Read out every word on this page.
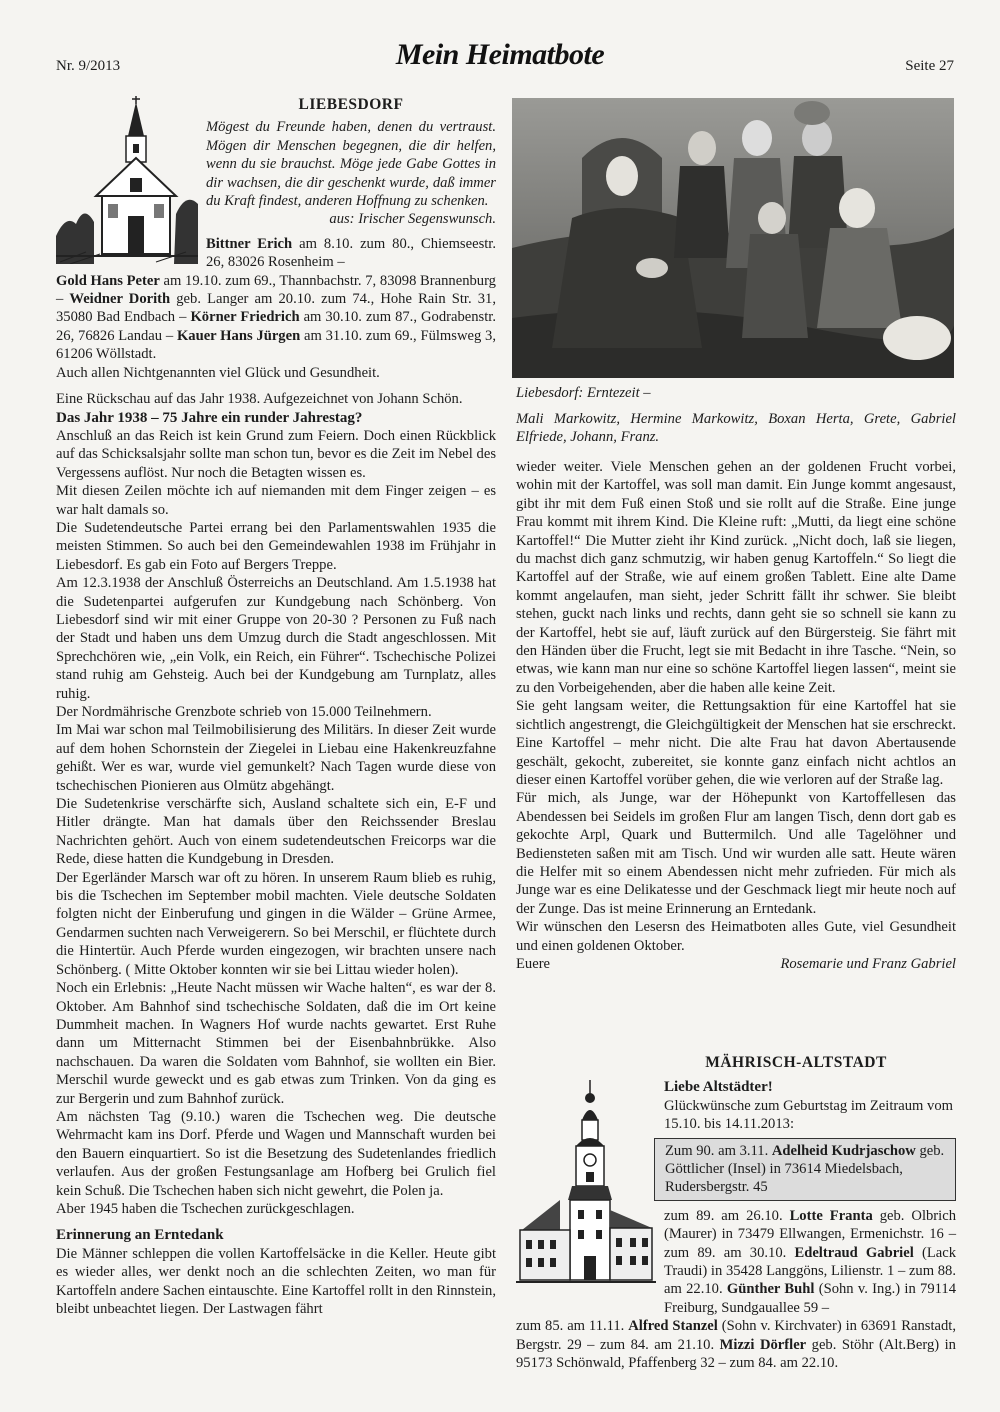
Nr. 9/2013	Mein Heimatbote	Seite 27
LIEBESDORF

Mögest du Freunde haben, denen du vertraust. Mögen dir Menschen begegnen, die dir helfen, wenn du sie brauchst. Möge jede Gabe Gottes in dir wachsen, die dir geschenkt wurde, daß immer du Kraft findest, anderen Hoffnung zu schenken.

aus: Irischer Segenswunsch.

Bittner Erich am 8.10. zum 80., Chiemseestr. 26, 83026 Rosenheim –

Gold Hans Peter am 19.10. zum 69., Thannbachstr. 7, 83098 Brannenburg – Weidner Dorith geb. Langer am 20.10. zum 74., Hohe Rain Str. 31, 35080 Bad Endbach – Körner Friedrich am 30.10. zum 87., Godrabenstr. 26, 76826 Landau – Kauer Hans Jürgen am 31.10. zum 69., Fülmsweg 3, 61206 Wöllstadt.

Auch allen Nichtgenannten viel Glück und Gesundheit.

Eine Rückschau auf das Jahr 1938. Aufgezeichnet von Johann Schön.

Das Jahr 1938 – 75 Jahre ein runder Jahrestag?

Anschluß an das Reich ist kein Grund zum Feiern. Doch einen Rückblick auf das Schicksalsjahr sollte man schon tun, bevor es die Zeit im Nebel des Vergessens auflöst. Nur noch die Betagten wissen es.

Mit diesen Zeilen möchte ich auf niemanden mit dem Finger zeigen – es war halt damals so.

Die Sudetendeutsche Partei errang bei den Parlamentswahlen 1935 die meisten Stimmen. So auch bei den Gemeindewahlen 1938 im Frühjahr in Liebesdorf. Es gab ein Foto auf Bergers Treppe.

Am 12.3.1938 der Anschluß Österreichs an Deutschland. Am 1.5.1938 hat die Sudetenpartei aufgerufen zur Kundgebung nach Schönberg. Von Liebesdorf sind wir mit einer Gruppe von 20-30 ? Personen zu Fuß nach der Stadt und haben uns dem Umzug durch die Stadt angeschlossen. Mit Sprechchören wie, „ein Volk, ein Reich, ein Führer“. Tschechische Polizei stand ruhig am Gehsteig. Auch bei der Kundgebung am Turnplatz, alles ruhig.

Der Nordmährische Grenzbote schrieb von 15.000 Teilnehmern.

Im Mai war schon mal Teilmobilisierung des Militärs. In dieser Zeit wurde auf dem hohen Schornstein der Ziegelei in Liebau eine Hakenkreuzfahne gehißt. Wer es war, wurde viel gemunkelt? Nach Tagen wurde diese von tschechischen Pionieren aus Olmütz abgehängt.

Die Sudetenkrise verschärfte sich, Ausland schaltete sich ein, E-F und Hitler drängte. Man hat damals über den Reichssender Breslau Nachrichten gehört. Auch von einem sudetendeutschen Freicorps war die Rede, diese hatten die Kundgebung in Dresden.

Der Egerländer Marsch war oft zu hören. In unserem Raum blieb es ruhig, bis die Tschechen im September mobil machten. Viele deutsche Soldaten folgten nicht der Einberufung und gingen in die Wälder – Grüne Armee, Gendarmen suchten nach Verweigerern. So bei Merschil, er flüchtete durch die Hintertür. Auch Pferde wurden eingezogen, wir brachten unsere nach Schönberg. ( Mitte Oktober konnten wir sie bei Littau wieder holen).

Noch ein Erlebnis: „Heute Nacht müssen wir Wache halten“, es war der 8. Oktober. Am Bahnhof sind tschechische Soldaten, daß die im Ort keine Dummheit machen. In Wagners Hof wurde nachts gewartet. Erst Ruhe dann um Mitternacht Stimmen bei der Eisenbahnbrükke. Also nachschauen. Da waren die Soldaten vom Bahnhof, sie wollten ein Bier. Merschil wurde geweckt und es gab etwas zum Trinken. Von da ging es zur Bergerin und zum Bahnhof zurück.

Am nächsten Tag (9.10.) waren die Tschechen weg. Die deutsche Wehrmacht kam ins Dorf. Pferde und Wagen und Mannschaft wurden bei den Bauern einquartiert. So ist die Besetzung des Sudetenlandes friedlich verlaufen. Aus der großen Festungsanlage am Hofberg bei Grulich fiel kein Schuß. Die Tschechen haben sich nicht gewehrt, die Polen ja.

Aber 1945 haben die Tschechen zurückgeschlagen.

Erinnerung an Erntedank

Die Männer schleppen die vollen Kartoffelsäcke in die Keller. Heute gibt es wieder alles, wer denkt noch an die schlechten Zeiten, wo man für Kartoffeln andere Sachen eintauschte. Eine Kartoffel rollt in den Rinnstein, bleibt unbeachtet liegen. Der Lastwagen fährt

Liebesdorf: Erntezeit –
Mali Markowitz, Hermine Markowitz, Boxan Herta, Grete, Gabriel Elfriede, Johann, Franz.

wieder weiter. Viele Menschen gehen an der goldenen Frucht vorbei, wohin mit der Kartoffel, was soll man damit. Ein Junge kommt angesaust, gibt ihr mit dem Fuß einen Stoß und sie rollt auf die Straße. Eine junge Frau kommt mit ihrem Kind. Die Kleine ruft: „Mutti, da liegt eine schöne Kartoffel!“ Die Mutter zieht ihr Kind zurück. „Nicht doch, laß sie liegen, du machst dich ganz schmutzig, wir haben genug Kartoffeln.“ So liegt die Kartoffel auf der Straße, wie auf einem großen Tablett. Eine alte Dame kommt angelaufen, man sieht, jeder Schritt fällt ihr schwer. Sie bleibt stehen, guckt nach links und rechts, dann geht sie so schnell sie kann zu der Kartoffel, hebt sie auf, läuft zurück auf den Bürgersteig. Sie fährt mit den Händen über die Frucht, legt sie mit Bedacht in ihre Tasche. “Nein, so etwas, wie kann man nur eine so schöne Kartoffel liegen lassen“, meint sie zu den Vorbeigehenden, aber die haben alle keine Zeit.

Sie geht langsam weiter, die Rettungsaktion für eine Kartoffel hat sie sichtlich angestrengt, die Gleichgültigkeit der Menschen hat sie erschreckt. Eine Kartoffel – mehr nicht. Die alte Frau hat davon Abertausende geschält, gekocht, zubereitet, sie konnte ganz einfach nicht achtlos an dieser einen Kartoffel vorüber gehen, die wie verloren auf der Straße lag.

Für mich, als Junge, war der Höhepunkt von Kartoffellesen das Abendessen bei Seidels im großen Flur am langen Tisch, denn dort gab es gekochte Arpl, Quark und Buttermilch. Und alle Tagelöhner und Bediensteten saßen mit am Tisch. Und wir wurden alle satt. Heute wären die Helfer mit so einem Abendessen nicht mehr zufrieden. Für mich als Junge war es eine Delikatesse und der Geschmack liegt mir heute noch auf der Zunge. Das ist meine Erinnerung an Erntedank.

Wir wünschen den Lesersn des Heimatboten alles Gute, viel Gesundheit und einen goldenen Oktober.

Euere	Rosemarie und Franz Gabriel
MÄHRISCH-ALTSTADT
Liebe Altstädter!

Glückwünsche zum Geburtstag im Zeitraum vom 15.10. bis 14.11.2013:

Zum 90. am 3.11. Adelheid Kudrjaschow geb. Göttlicher (Insel) in 73614 Miedelsbach, Rudersbergstr. 45

zum 89. am 26.10. Lotte Franta geb. Olbrich (Maurer) in 73479 Ellwangen, Ermenichstr. 16 – zum 89. am 30.10. Edeltraud Gabriel (Lack Traudi) in 35428 Langgöns, Lilienstr. 1 – zum 88. am 22.10. Günther Buhl (Sohn v. Ing.) in 79114 Freiburg, Sundgauallee 59 –

zum 85. am 11.11. Alfred Stanzel (Sohn v. Kirchvater) in 63691 Ranstadt, Bergstr. 29 – zum 84. am 21.10. Mizzi Dörfler geb. Stöhr (Alt.Berg) in 95173 Schönwald, Pfaffenberg 32 – zum 84. am 22.10.
